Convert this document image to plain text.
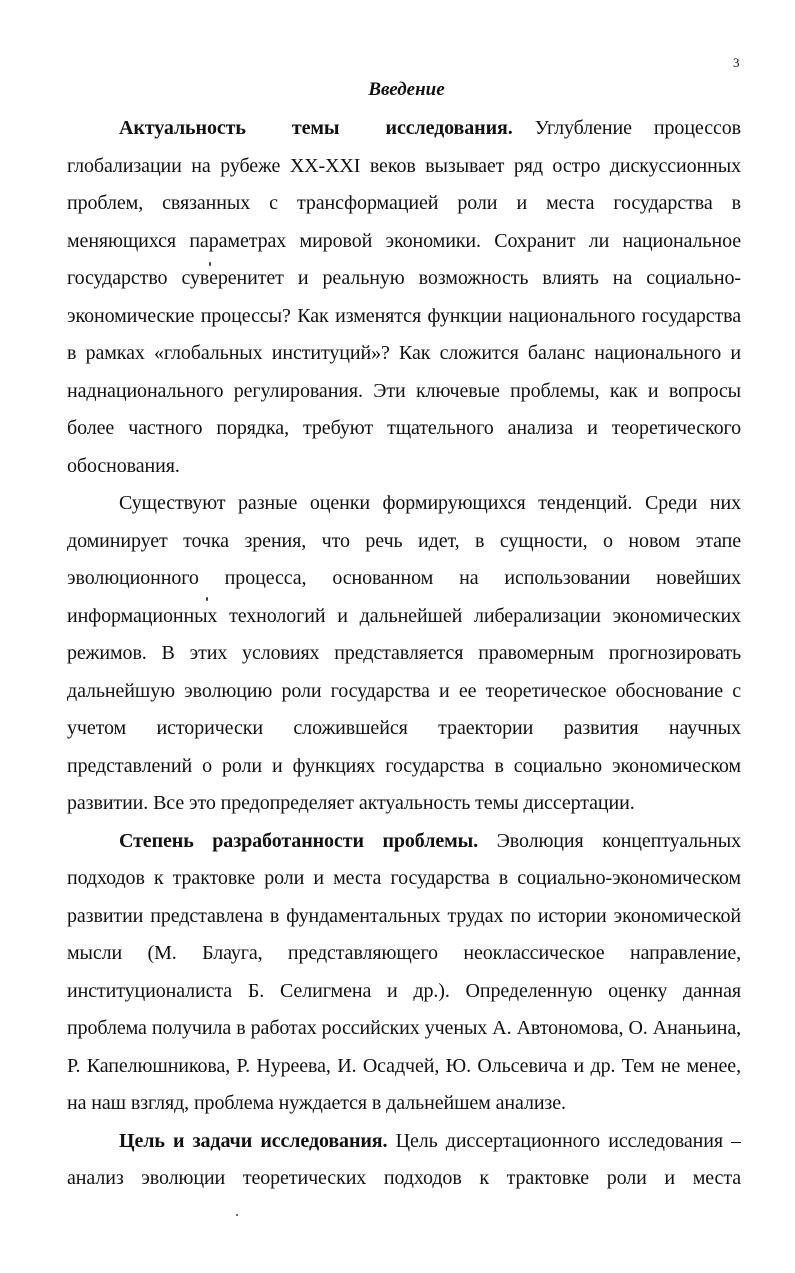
3
Введение

Актуальность темы исследования. Углубление процессов глобализации на рубеже XX-XXI веков вызывает ряд остро дискуссионных проблем, связанных с трансформацией роли и места государства в меняющихся параметрах мировой экономики. Сохранит ли национальное государство суверенитет и реальную возможность влиять на социально-экономические процессы? Как изменятся функции национального государства в рамках «глобальных институций»? Как сложится баланс национального и наднационального регулирования. Эти ключевые проблемы, как и вопросы более частного порядка, требуют тщательного анализа и теоретического обоснования.

Существуют разные оценки формирующихся тенденций. Среди них доминирует точка зрения, что речь идет, в сущности, о новом этапе эволюционного процесса, основанном на использовании новейших информационных технологий и дальнейшей либерализации экономических режимов. В этих условиях представляется правомерным прогнозировать дальнейшую эволюцию роли государства и ее теоретическое обоснование с учетом исторически сложившейся траектории развития научных представлений о роли и функциях государства в социально экономическом развитии. Все это предопределяет актуальность темы диссертации.

Степень разработанности проблемы. Эволюция концептуальных подходов к трактовке роли и места государства в социально-экономическом развитии представлена в фундаментальных трудах по истории экономической мысли (М. Блауга, представляющего неоклассическое направление, институционалиста Б. Селигмена и др.). Определенную оценку данная проблема получила в работах российских ученых А. Автономова, О. Ананьина, Р. Капелюшникова, Р. Нуреева, И. Осадчей, Ю. Ольсевича и др. Тем не менее, на наш взгляд, проблема нуждается в дальнейшем анализе.

Цель и задачи исследования. Цель диссертационного исследования – анализ эволюции теоретических подходов к трактовке роли и места
